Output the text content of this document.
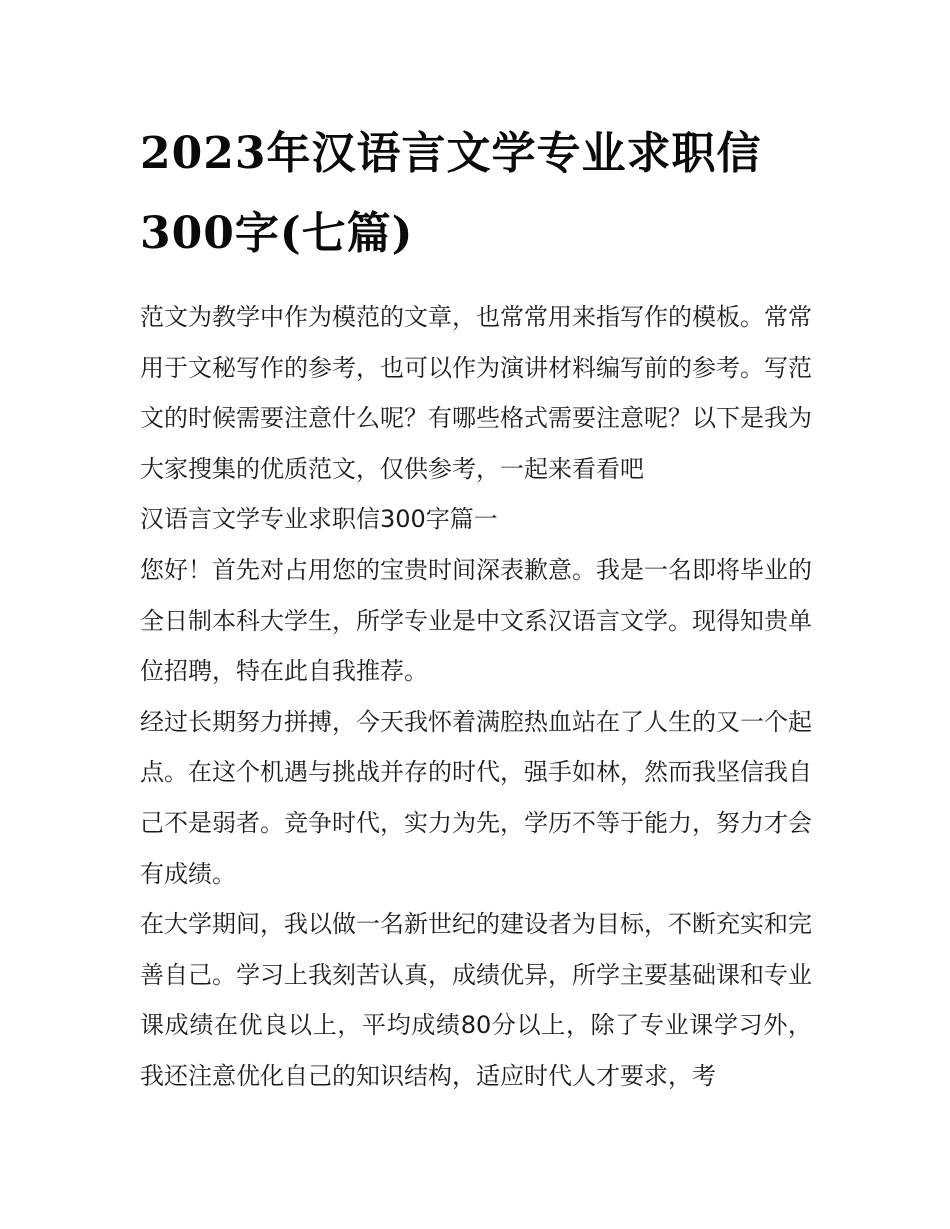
2023年汉语言文学专业求职信300字(七篇)

范文为教学中作为模范的文章，也常常用来指写作的模板。常常用于文秘写作的参考，也可以作为演讲材料编写前的参考。写范文的时候需要注意什么呢？有哪些格式需要注意呢？以下是我为大家搜集的优质范文，仅供参考，一起来看看吧

汉语言文学专业求职信300字篇一

您好！首先对占用您的宝贵时间深表歉意。我是一名即将毕业的全日制本科大学生，所学专业是中文系汉语言文学。现得知贵单位招聘，特在此自我推荐。

经过长期努力拼搏，今天我怀着满腔热血站在了人生的又一个起点。在这个机遇与挑战并存的时代，强手如林，然而我坚信我自己不是弱者。竞争时代，实力为先，学历不等于能力，努力才会有成绩。

在大学期间，我以做一名新世纪的建设者为目标，不断充实和完善自己。学习上我刻苦认真，成绩优异，所学主要基础课和专业课成绩在优良以上，平均成绩80分以上，除了专业课学习外，我还注意优化自己的知识结构，适应时代人才要求，考
